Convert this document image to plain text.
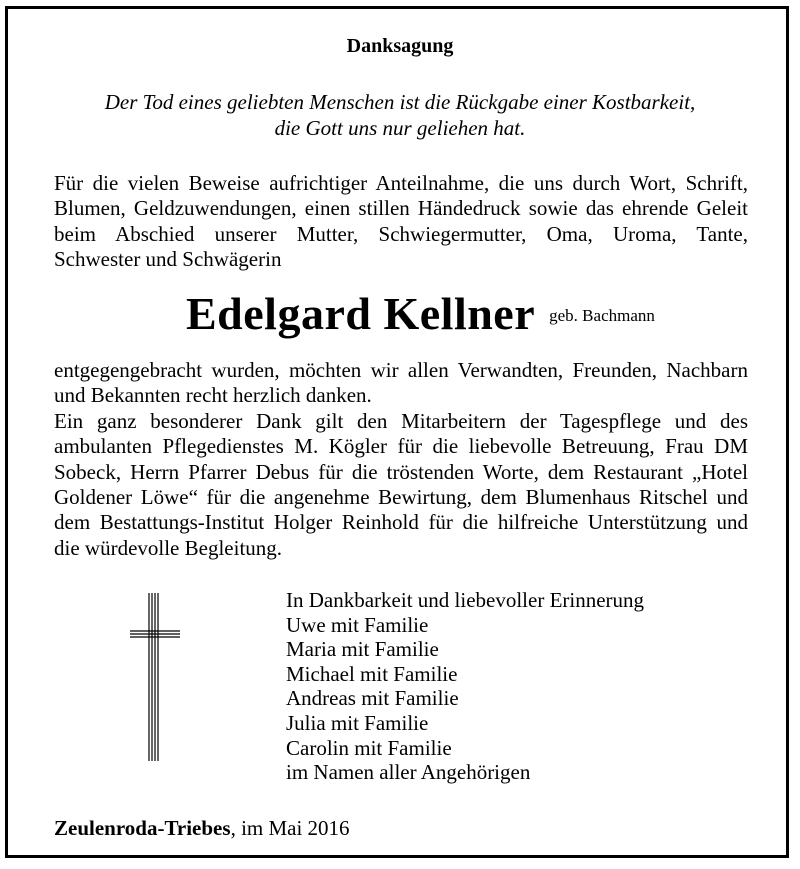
Danksagung
Der Tod eines geliebten Menschen ist die Rückgabe einer Kostbarkeit,
die Gott uns nur geliehen hat.
Für die vielen Beweise aufrichtiger Anteilnahme, die uns durch Wort, Schrift,
Blumen, Geldzuwendungen, einen stillen Händedruck sowie das ehrende Geleit
beim Abschied unserer Mutter, Schwiegermutter, Oma, Uroma, Tante,
Schwester und Schwägerin
Edelgard Kellner geb. Bachmann
entgegengebracht wurden, möchten wir allen Verwandten, Freunden, Nachbarn
und Bekannten recht herzlich danken.
Ein ganz besonderer Dank gilt den Mitarbeitern der Tagespflege und des
ambulanten Pflegedienstes M. Kögler für die liebevolle Betreuung, Frau DM
Sobeck, Herrn Pfarrer Debus für die tröstenden Worte, dem Restaurant „Hotel
Goldener Löwe“ für die angenehme Bewirtung, dem Blumenhaus Ritschel und
dem Bestattungs-Institut Holger Reinhold für die hilfreiche Unterstützung und
die würdevolle Begleitung.
In Dankbarkeit und liebevoller Erinnerung
Uwe mit Familie
Maria mit Familie
Michael mit Familie
Andreas mit Familie
Julia mit Familie
Carolin mit Familie
im Namen aller Angehörigen
Zeulenroda-Triebes, im Mai 2016
